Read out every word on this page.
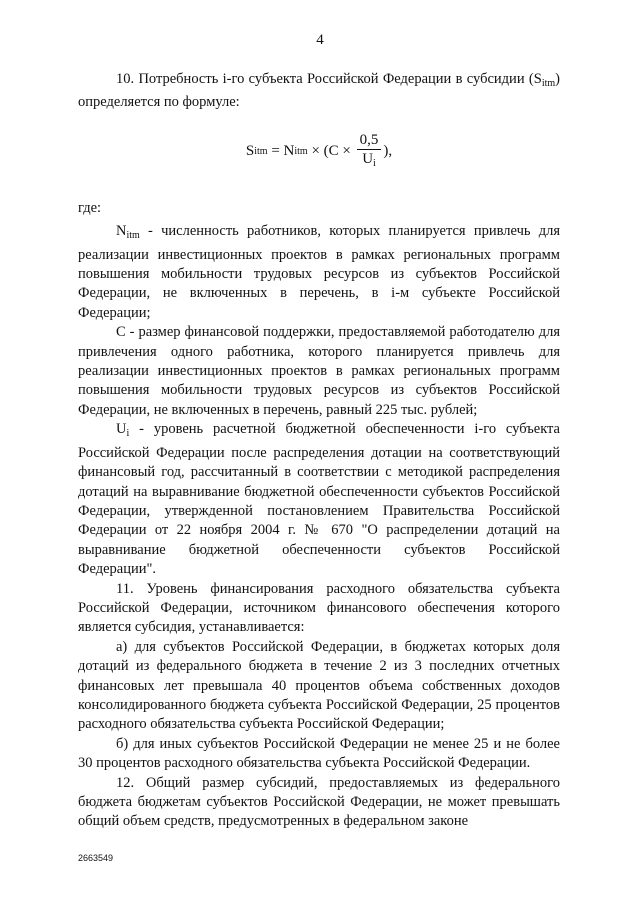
4

10. Потребность i-го субъекта Российской Федерации в субсидии $(S_{itm})$ определяется по формуле:

S itm = N itm × ($C \times \frac{0,5}{U_i}$ ),

где:

$N_{itm}$ - численность работников, которых планируется привлечь для реализации инвестиционных проектов в рамках региональных программ повышения мобильности трудовых ресурсов из субъектов Российской Федерации, не включенных в перечень, в i-м субъекте Российской Федерации;

C - размер финансовой поддержки, предоставляемой работодателю для привлечения одного работника, которого планируется привлечь для реализации инвестиционных проектов в рамках региональных программ повышения мобильности трудовых ресурсов из субъектов Российской Федерации, не включенных в перечень, равный 225 тыс. рублей;

$U_i$ - уровень расчетной бюджетной обеспеченности i-го субъекта Российской Федерации после распределения дотации на соответствующий финансовый год, рассчитанный в соответствии с методикой распределения дотаций на выравнивание бюджетной обеспеченности субъектов Российской Федерации, утвержденной постановлением Правительства Российской Федерации от 22 ноября 2004 г. № 670 "О распределении дотаций на выравнивание бюджетной обеспеченности субъектов Российской Федерации".

11. Уровень финансирования расходного обязательства субъекта Российской Федерации, источником финансового обеспечения которого является субсидия, устанавливается:

а) для субъектов Российской Федерации, в бюджетах которых доля дотаций из федерального бюджета в течение 2 из 3 последних отчетных финансовых лет превышала 40 процентов объема собственных доходов консолидированного бюджета субъекта Российской Федерации, 25 процентов расходного обязательства субъекта Российской Федерации;

б) для иных субъектов Российской Федерации не менее 25 и не более 30 процентов расходного обязательства субъекта Российской Федерации.

12. Общий размер субсидий, предоставляемых из федерального бюджета бюджетам субъектов Российской Федерации, не может превышать общий объем средств, предусмотренных в федеральном законе

2663549
